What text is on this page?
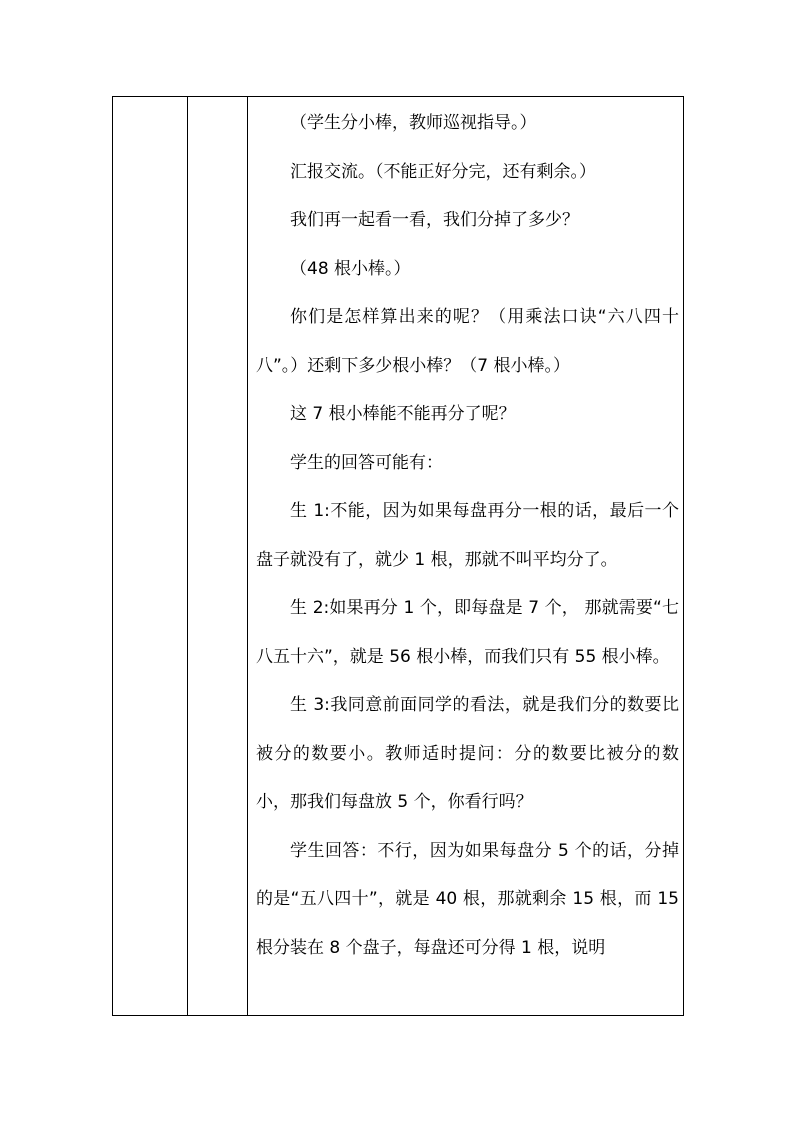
（学生分小棒，教师巡视指导。）

汇报交流。（不能正好分完，还有剩余。）

我们再一起看一看，我们分掉了多少？

（48 根小棒。）

你们是怎样算出来的呢？（用乘法口诀“六八四十八”。）还剩下多少根小棒？（7 根小棒。）

这 7 根小棒能不能再分了呢？

学生的回答可能有：

生 1:不能，因为如果每盘再分一根的话，最后一个盘子就没有了，就少 1 根，那就不叫平均分了。

生 2:如果再分 1 个，即每盘是 7 个， 那就需要“七八五十六”，就是 56 根小棒，而我们只有 55 根小棒。

生 3:我同意前面同学的看法，就是我们分的数要比被分的数要小。教师适时提问：分的数要比被分的数小，那我们每盘放 5 个，你看行吗？

学生回答：不行，因为如果每盘分 5 个的话，分掉的是“五八四十”，就是 40 根，那就剩余 15 根，而 15 根分装在 8 个盘子，每盘还可分得 1 根，说明
